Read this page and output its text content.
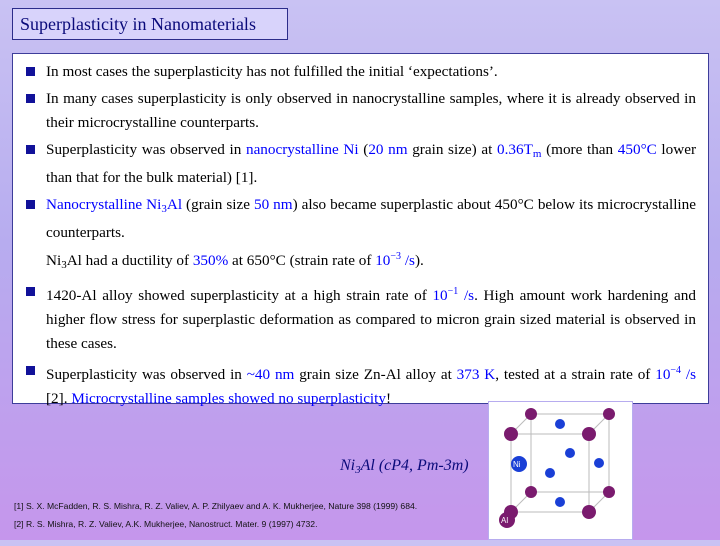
Superplasticity in Nanomaterials
In most cases the superplasticity has not fulfilled the initial ‘expectations’.
In many cases superplasticity is only observed in nanocrystalline samples, where it is already observed in their microcrystalline counterparts.
Superplasticity was observed in nanocrystalline Ni (20 nm grain size) at $0.36T_m$ (more than 450°C lower than that for the bulk material) [1].
Nanocrystalline $Ni_3Al$ (grain size 50 nm) also became superplastic about 450°C below its microcrystalline counterparts.
$Ni_3Al$ had a ductility of 350% at 650°C (strain rate of $10^{-3}$ /s).
1420-Al alloy showed superplasticity at a high strain rate of $10^{-1}$ /s. High amount work hardening and higher flow stress for superplastic deformation as compared to micron grain sized material is observed in these cases.
Superplasticity was observed in ~40 nm grain size Zn-Al alloy at 373 K, tested at a strain rate of $10^{-4}$ /s [2]. Microcrystalline samples showed no superplasticity!
Ni3Al (cP4, Pm-3m)
[1] S. X. McFadden, R. S. Mishra, R. Z. Valiev, A. P. Zhilyaev and A. K. Mukherjee, Nature 398 (1999) 684.
[2] R. S. Mishra, R. Z. Valiev, A.K. Mukherjee, Nanostruct. Mater. 9 (1997) 4732.
Ni
Al
